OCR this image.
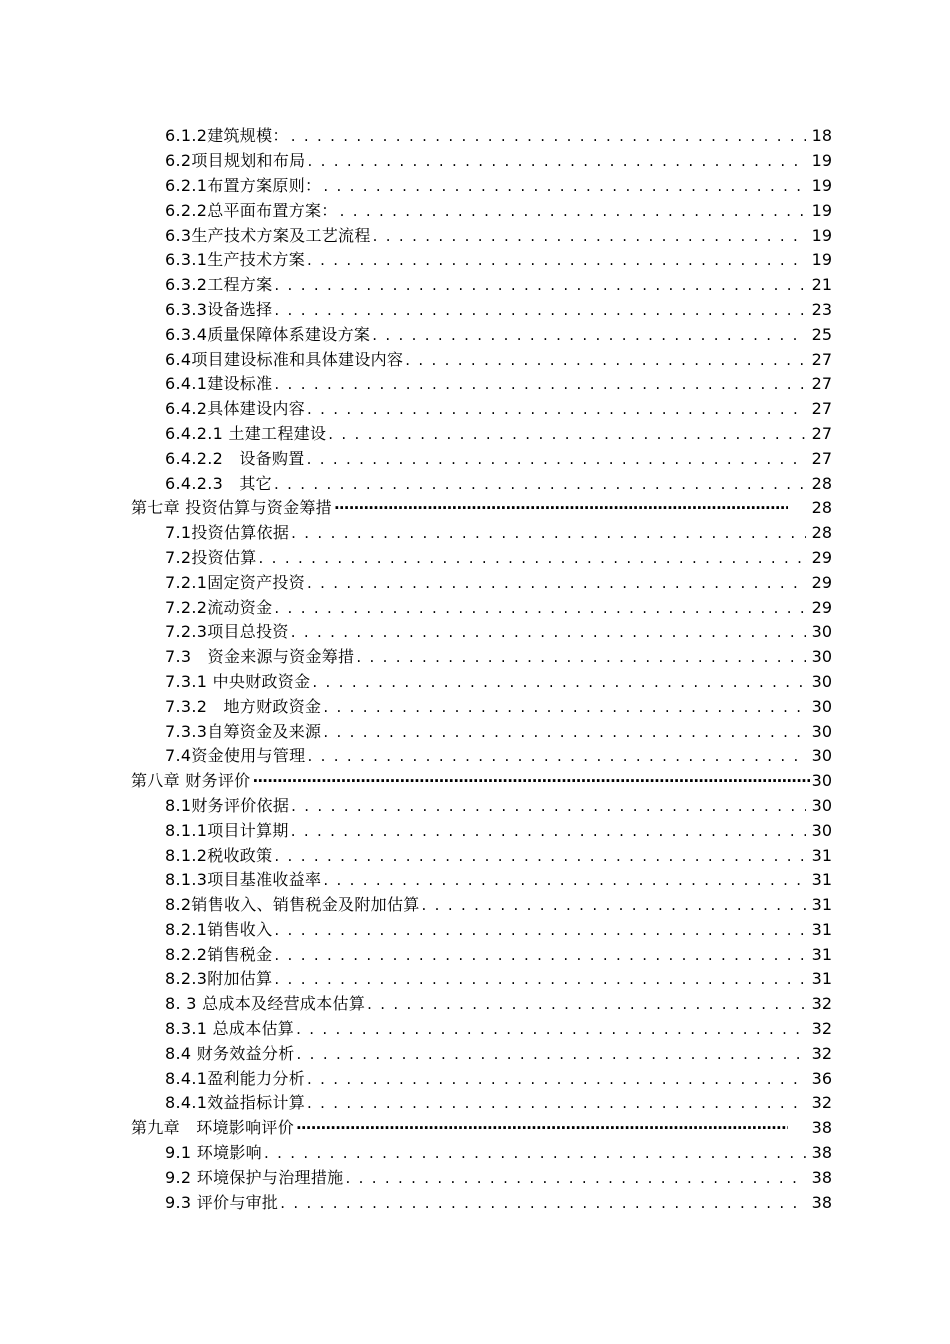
6.1.2建筑规模： . . .	18
6.2项目规划和布局 . . .	19
6.2.1布置方案原则： . . .	19
6.2.2总平面布置方案： . . .	19
6.3生产技术方案及工艺流程 . . .	19
6.3.1生产技术方案 . . .	19
6.3.2工程方案 . . .	21
6.3.3设备选择 . . .	23
6.3.4质量保障体系建设方案 . . .	25
6.4项目建设标准和具体建设内容 . . .	27
6.4.1建设标准 . . .	27
6.4.2具体建设内容 . . .	27
6.4.2.1 土建工程建设 . . .	27
6.4.2.2　设备购置 . . .	27
6.4.2.3　其它 . . .	28
第七章 投资估算与资金筹措 ·····	28
7.1投资估算依据 . . .	28
7.2投资估算 . . .	29
7.2.1固定资产投资 . . .	29
7.2.2流动资金 . . .	29
7.2.3项目总投资 . . .	30
7.3　资金来源与资金筹措 . . .	30
7.3.1 中央财政资金 . . .	30
7.3.2　地方财政资金 . . .	30
7.3.3自筹资金及来源 . . .	30
7.4资金使用与管理 . . .	30
第八章 财务评价 ·····	30
8.1财务评价依据 . . .	30
8.1.1项目计算期 . . .	30
8.1.2税收政策 . . .	31
8.1.3项目基准收益率 . . .	31
8.2销售收入、销售税金及附加估算 . . .	31
8.2.1销售收入 . . .	31
8.2.2销售税金 . . .	31
8.2.3附加估算 . . .	31
8. 3 总成本及经营成本估算 . . .	32
8.3.1 总成本估算 . . .	32
8.4 财务效益分析 . . .	32
8.4.1盈利能力分析 . . .	36
8.4.1效益指标计算 . . .	32
第九章　环境影响评价 ·····	38
9.1 环境影响 . . .	38
9.2 环境保护与治理措施 . . .	38
9.3 评价与审批 . . .	38
